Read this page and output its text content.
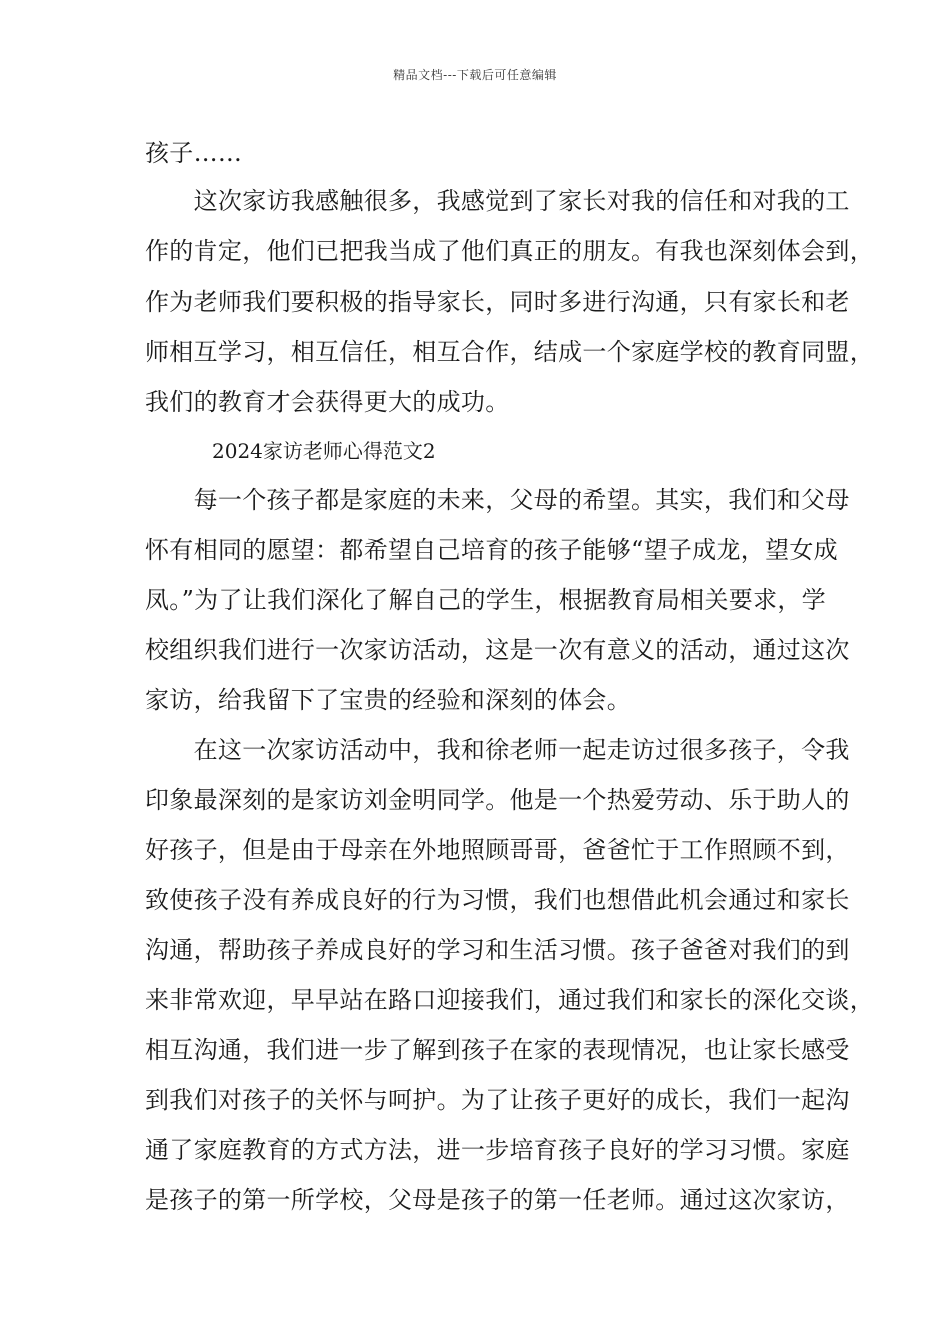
精品文档---下载后可任意编辑
孩子……
　　这次家访我感触很多，我感觉到了家长对我的信任和对我的工
作的肯定，他们已把我当成了他们真正的朋友。有我也深刻体会到，
作为老师我们要积极的指导家长，同时多进行沟通，只有家长和老
师相互学习，相互信任，相互合作，结成一个家庭学校的教育同盟，
我们的教育才会获得更大的成功。
2024家访老师心得范文2
　　每一个孩子都是家庭的未来，父母的希望。其实，我们和父母
怀有相同的愿望：都希望自己培育的孩子能够“望子成龙，望女成
凤。”为了让我们深化了解自己的学生，根据教育局相关要求，学
校组织我们进行一次家访活动，这是一次有意义的活动，通过这次
家访，给我留下了宝贵的经验和深刻的体会。
　　在这一次家访活动中，我和徐老师一起走访过很多孩子，令我
印象最深刻的是家访刘金明同学。他是一个热爱劳动、乐于助人的
好孩子，但是由于母亲在外地照顾哥哥，爸爸忙于工作照顾不到，
致使孩子没有养成良好的行为习惯，我们也想借此机会通过和家长
沟通，帮助孩子养成良好的学习和生活习惯。孩子爸爸对我们的到
来非常欢迎，早早站在路口迎接我们，通过我们和家长的深化交谈，
相互沟通，我们进一步了解到孩子在家的表现情况，也让家长感受
到我们对孩子的关怀与呵护。为了让孩子更好的成长，我们一起沟
通了家庭教育的方式方法，进一步培育孩子良好的学习习惯。家庭
是孩子的第一所学校，父母是孩子的第一任老师。通过这次家访，
